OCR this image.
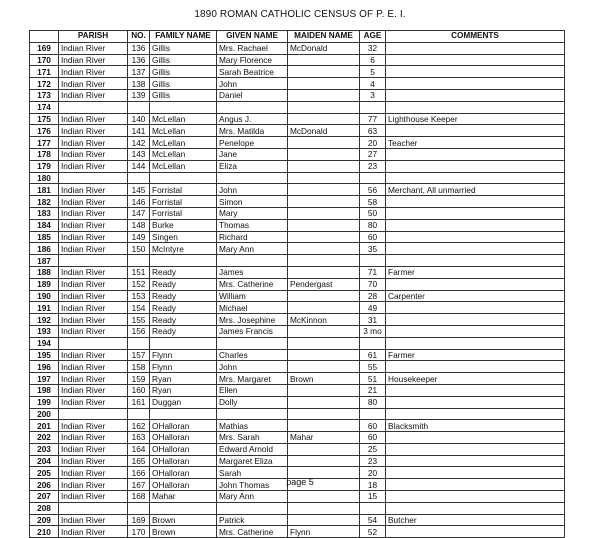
1890 ROMAN CATHOLIC CENSUS OF P. E. I.
	PARISH	NO.	FAMILY NAME	GIVEN NAME	MAIDEN NAME	AGE	COMMENTS
169	Indian River	136	Gillis	Mrs. Rachael	McDonald	32	
170	Indian River	136	Gillis	Mary Florence		6	
171	Indian River	137	Gillis	Sarah Beatrice		5	
172	Indian River	138	Gillis	John		4	
173	Indian River	139	Gillis	Daniel		3	
174							
175	Indian River	140	McLellan	Angus J.		77	Lighthouse Keeper
176	Indian River	141	McLellan	Mrs. Matilda	McDonald	63	
177	Indian River	142	McLellan	Penelope		20	Teacher
178	Indian River	143	McLellan	Jane		27	
179	Indian River	144	McLellan	Eliza		23	
180							
181	Indian River	145	Forristal	John		56	Merchant, All unmarried
182	Indian River	146	Forristal	Simon		58	
183	Indian River	147	Forristal	Mary		50	
184	Indian River	148	Burke	Thomas		80	
185	Indian River	149	Singen	Richard		60	
186	Indian River	150	McIntyre	Mary Ann		35	
187							
188	Indian River	151	Ready	James		71	Farmer
189	Indian River	152	Ready	Mrs. Catherine	Pendergast	70	
190	Indian River	153	Ready	William		28	Carpenter
191	Indian River	154	Ready	Michael		49	
192	Indian River	155	Ready	Mrs. Josephine	McKinnon	31	
193	Indian River	156	Ready	James Francis		3 mo	
194							
195	Indian River	157	Flynn	Charles		61	Farmer
196	Indian River	158	Flynn	John		55	
197	Indian River	159	Ryan	Mrs. Margaret	Brown	51	Housekeeper
198	Indian River	160	Ryan	Ellen		21	
199	Indian River	161	Duggan	Dolly		80	
200							
201	Indian River	162	OHalloran	Mathias		60	Blacksmith
202	Indian River	163	OHalloran	Mrs. Sarah	Mahar	60	
203	Indian River	164	OHalloran	Edward Arnold		25	
204	Indian River	165	OHalloran	Margaret Eliza		23	
205	Indian River	166	OHalloran	Sarah		20	
206	Indian River	167	OHalloran	John Thomas		18	
207	Indian River	168	Mahar	Mary Ann		15	
208							
209	Indian River	169	Brown	Patrick		54	Butcher
210	Indian River	170	Brown	Mrs. Catherine	Flynn	52	
page 5
